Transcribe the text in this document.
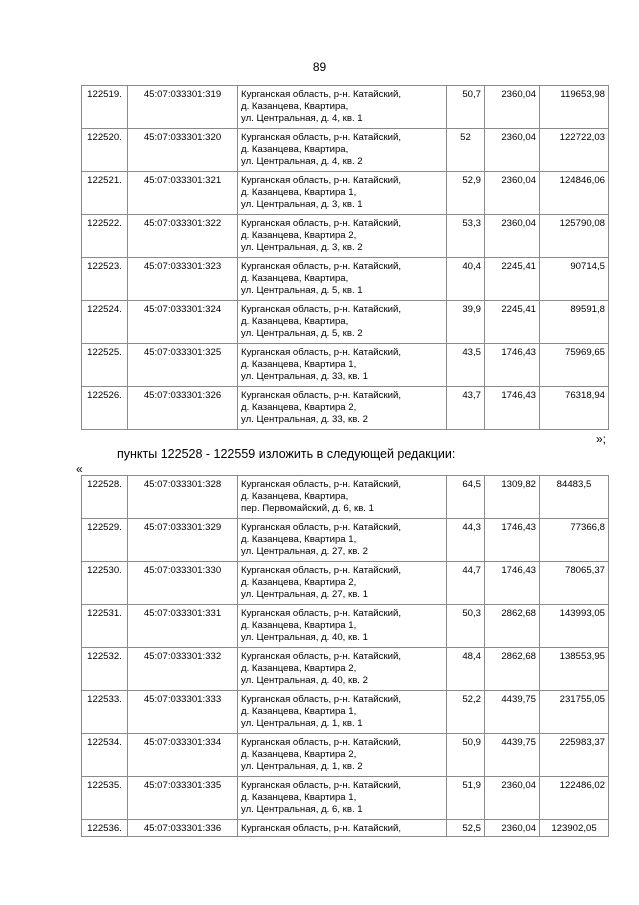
89
122519.	45:07:033301:319	Курганская область, р-н. Катайский,
д. Казанцева, Квартира,
ул. Центральная, д. 4, кв. 1	50,7	2360,04	119653,98
122520.	45:07:033301:320	Курганская область, р-н. Катайский,
д. Казанцева, Квартира,
ул. Центральная, д. 4, кв. 2	52	2360,04	122722,03
122521.	45:07:033301:321	Курганская область, р-н. Катайский,
д. Казанцева, Квартира 1,
ул. Центральная, д. 3, кв. 1	52,9	2360,04	124846,06
122522.	45:07:033301:322	Курганская область, р-н. Катайский,
д. Казанцева, Квартира 2,
ул. Центральная, д. 3, кв. 2	53,3	2360,04	125790,08
122523.	45:07:033301:323	Курганская область, р-н. Катайский,
д. Казанцева, Квартира,
ул. Центральная, д. 5, кв. 1	40,4	2245,41	90714,5
122524.	45:07:033301:324	Курганская область, р-н. Катайский,
д. Казанцева, Квартира,
ул. Центральная, д. 5, кв. 2	39,9	2245,41	89591,8
122525.	45:07:033301:325	Курганская область, р-н. Катайский,
д. Казанцева, Квартира 1,
ул. Центральная, д. 33, кв. 1	43,5	1746,43	75969,65
122526.	45:07:033301:326	Курганская область, р-н. Катайский,
д. Казанцева, Квартира 2,
ул. Центральная, д. 33, кв. 2	43,7	1746,43	76318,94
»;
пункты 122528 - 122559 изложить в следующей редакции:
«
122528.	45:07:033301:328	Курганская область, р-н. Катайский,
д. Казанцева, Квартира,
пер. Первомайский, д. 6, кв. 1	64,5	1309,82	84483,5
122529.	45:07:033301:329	Курганская область, р-н. Катайский,
д. Казанцева, Квартира 1,
ул. Центральная, д. 27, кв. 2	44,3	1746,43	77366,8
122530.	45:07:033301:330	Курганская область, р-н. Катайский,
д. Казанцева, Квартира 2,
ул. Центральная, д. 27, кв. 1	44,7	1746,43	78065,37
122531.	45:07:033301:331	Курганская область, р-н. Катайский,
д. Казанцева, Квартира 1,
ул. Центральная, д. 40, кв. 1	50,3	2862,68	143993,05
122532.	45:07:033301:332	Курганская область, р-н. Катайский,
д. Казанцева, Квартира 2,
ул. Центральная, д. 40, кв. 2	48,4	2862,68	138553,95
122533.	45:07:033301:333	Курганская область, р-н. Катайский,
д. Казанцева, Квартира 1,
ул. Центральная, д. 1, кв. 1	52,2	4439,75	231755,05
122534.	45:07:033301:334	Курганская область, р-н. Катайский,
д. Казанцева, Квартира 2,
ул. Центральная, д. 1, кв. 2	50,9	4439,75	225983,37
122535.	45:07:033301:335	Курганская область, р-н. Катайский,
д. Казанцева, Квартира 1,
ул. Центральная, д. 6, кв. 1	51,9	2360,04	122486,02
122536.	45:07:033301:336	Курганская область, р-н. Катайский,	52,5	2360,04	123902,05
